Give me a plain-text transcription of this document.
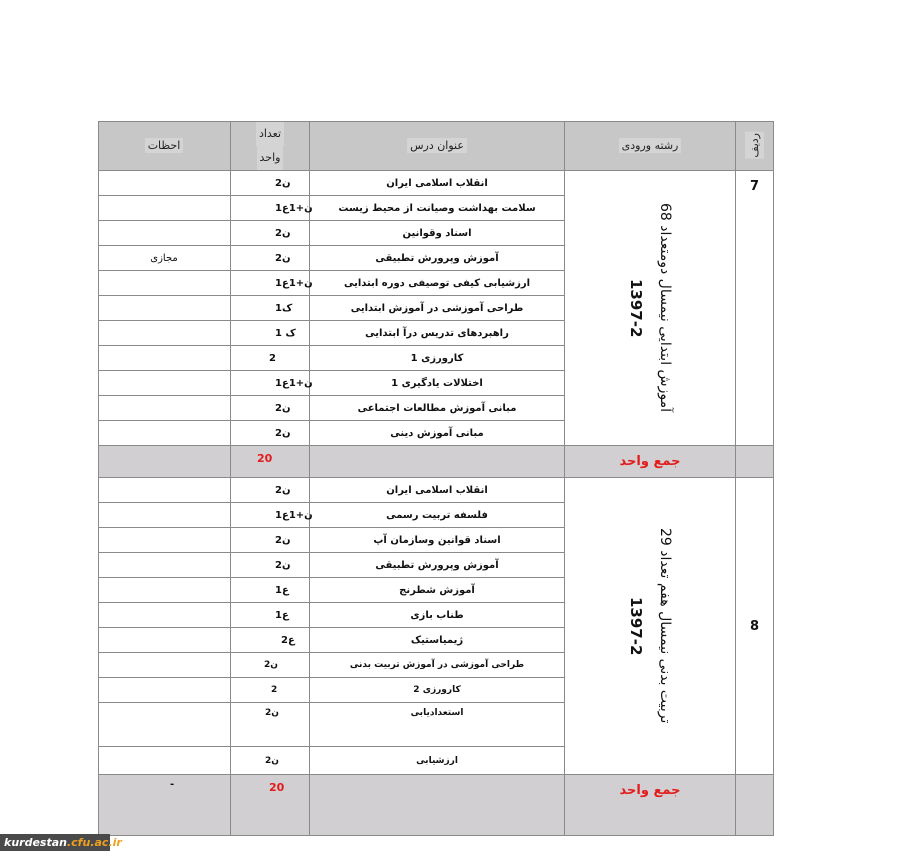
احظات
تعداد
واحد
عنوان درس	رشته ورودی	ردیف
7
آموزش ابتدایی نیمسال دومتعداد 68
1397-2
انقلاب اسلامی ایران
2ن
سلامت بهداشت وصیانت از محیط زیست
1ن+1ع
اسناد وقوانین
2ن
آموزش وپرورش تطبیقی
2ن
مجازی
ارزشیابی کیفی توصیفی دوره ابتدایی
1ن+1ع
طراحی آموزشی در آموزش ابتدایی
1ک
راهبردهای تدریس درآ ابتدایی
1 ک
کارورزی 1
2
اختلالات یادگیری 1
1ن+1ع
مبانی آموزش مطالعات اجتماعی
2ن
مبانی آموزش دینی
2ن
جمع واحد
20
8
تربیت بدنی نیمسال هفم تعداد 29
1397-2
انقلاب اسلامی ایران
2ن
فلسفه تربیت رسمی
1ن+1ع
اسناد قوانین وسازمان آپ
2ن
آموزش وپرورش تطبیقی
2ن
آموزش شطرنج
1ع
طناب بازی
1ع
ژیمیاستیک
2ع
طراحی آموزشی در آموزش تربیت بدنی
2ن
کارورزی 2
2
استعدادیابی
2ن
ارزشیابی
2ن
جمع واحد
20
-
kurdestan.cfu.ac.ir
